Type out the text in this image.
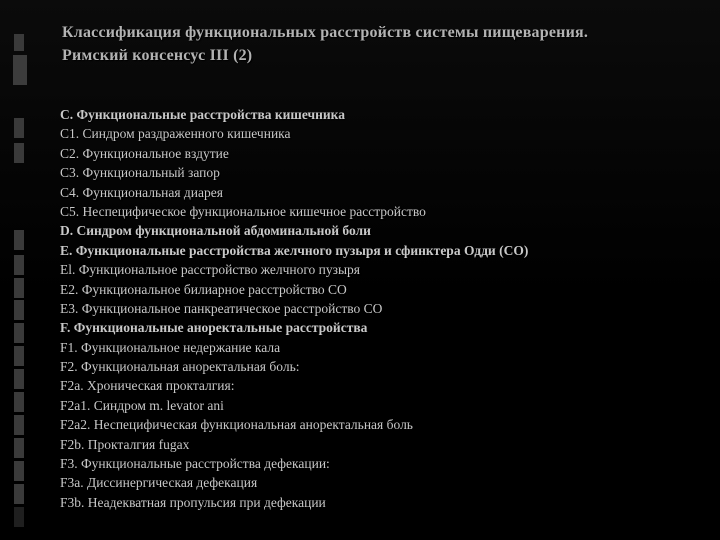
Классификация функциональных расстройств системы пищеварения.
Римский консенсус III (2)
С. Функциональные расстройства кишечника
С1. Синдром раздраженного кишечника
С2. Функциональное вздутие
С3. Функциональный запор
С4. Функциональная диарея
С5. Неспецифическое функциональное кишечное расстройство
D. Синдром функциональной абдоминальной боли
E. Функциональные расстройства желчного пузыря и сфинктера Одди (СО)
El. Функциональное расстройство желчного пузыря
Е2. Функциональное билиарное расстройство СО
Е3. Функциональное панкреатическое расстройство СО
F. Функциональные аноректальные расстройства
F1. Функциональное недержание кала
F2. Функциональная аноректальная боль:
F2a. Хроническая прокталгия:
F2a1. Синдром m. levator ani
F2a2. Неспецифическая функциональная аноректальная боль
F2b. Прокталгия fugax
F3. Функциональные расстройства дефекации:
F3a. Диссинергическая дефекация
F3b. Неадекватная пропульсия при дефекации
